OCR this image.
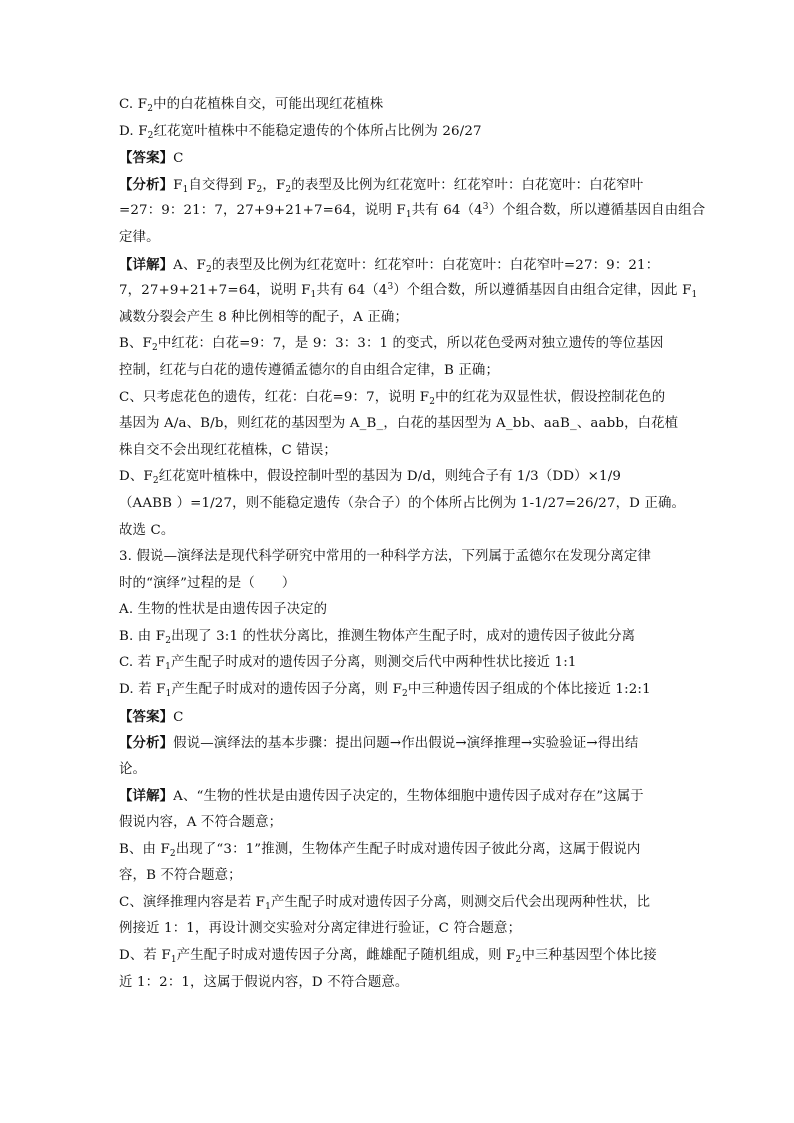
C. $F_2$中的白花植株自交，可能出现红花植株
D. $F_2$红花宽叶植株中不能稳定遗传的个体所占比例为 26/27
【答案】C
【分析】$F_1$自交得到 $F_2$，$F_2$的表型及比例为红花宽叶：红花窄叶：白花宽叶：白花窄叶
=27：9：21：7，27+9+21+7=64，说明 $F_1$共有 $64(4^3)$个组合数，所以遵循基因自由组合
定律。
【详解】A、$F_2$的表型及比例为红花宽叶：红花窄叶：白花宽叶：白花窄叶=27：9：21：
7，27+9+21+7=64，说明 $F_1$共有 $64(4^3)$个组合数，所以遵循基因自由组合定律，因此 $F_1$
减数分裂会产生 8 种比例相等的配子，A 正确；
B、$F_2$中红花：白花=9：7，是 9：3：3：1 的变式，所以花色受两对独立遗传的等位基因
控制，红花与白花的遗传遵循孟德尔的自由组合定律，B 正确；
C、只考虑花色的遗传，红花：白花=9：7，说明 $F_2$中的红花为双显性状，假设控制花色的
基因为 A/a、B/b，则红花的基因型为 A_B_，白花的基因型为 A_bb、aaB_、aabb，白花植
株自交不会出现红花植株，C 错误；
D、$F_2$红花宽叶植株中，假设控制叶型的基因为 D/d，则纯合子有 1/3（DD）×1/9
（AABB ）=1/27，则不能稳定遗传（杂合子）的个体所占比例为 1-1/27=26/27，D 正确。
故选 C。
3. 假说—演绎法是现代科学研究中常用的一种科学方法，下列属于孟德尔在发现分离定律
时的“演绎”过程的是（　　）
A. 生物的性状是由遗传因子决定的
B. 由 $F_2$出现了 3:1 的性状分离比，推测生物体产生配子时，成对的遗传因子彼此分离
C. 若 $F_1$产生配子时成对的遗传因子分离，则测交后代中两种性状比接近 1:1
D. 若 $F_1$产生配子时成对的遗传因子分离，则 $F_2$中三种遗传因子组成的个体比接近 1:2:1
【答案】C
【分析】假说—演绎法的基本步骤：提出问题→作出假说→演绎推理→实验验证→得出结
论。
【详解】A、“生物的性状是由遗传因子决定的，生物体细胞中遗传因子成对存在”这属于
假说内容，A 不符合题意；
B、由 $F_2$出现了“3：1”推测，生物体产生配子时成对遗传因子彼此分离，这属于假说内
容，B 不符合题意；
C、演绎推理内容是若 $F_1$产生配子时成对遗传因子分离，则测交后代会出现两种性状，比
例接近 1：1，再设计测交实验对分离定律进行验证，C 符合题意；
D、若 $F_1$产生配子时成对遗传因子分离，雌雄配子随机组成，则 $F_2$中三种基因型个体比接
近 1：2：1，这属于假说内容，D 不符合题意。
